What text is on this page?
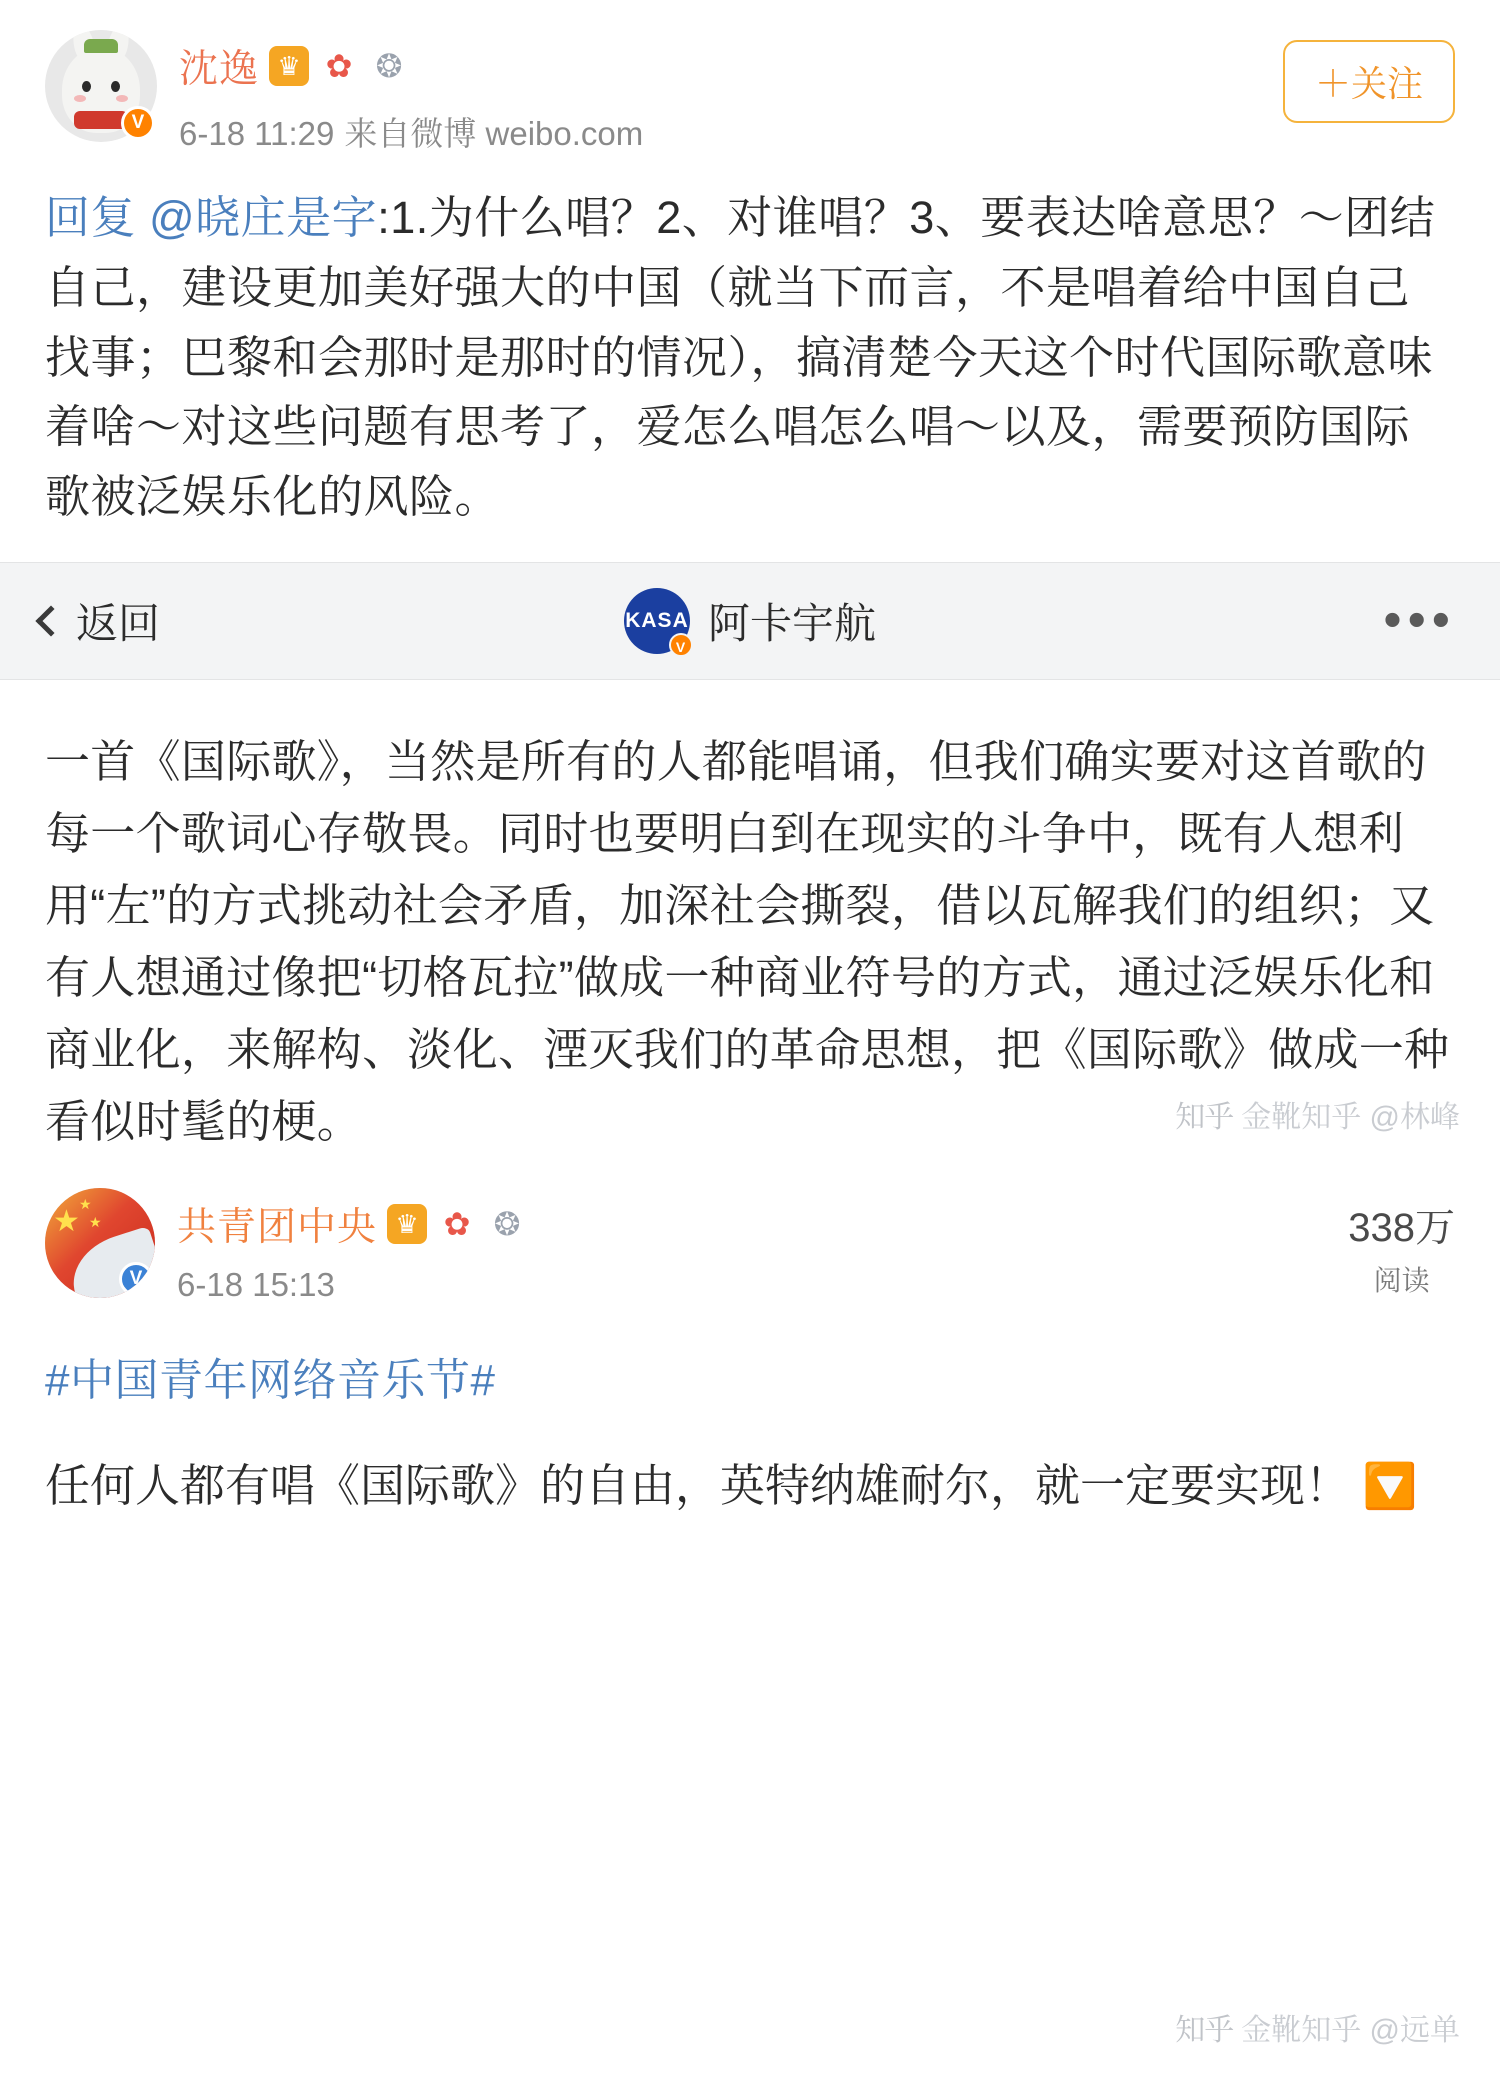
V
沈逸
♛
✿
❂
6-18 11:29 来自微博 weibo.com
＋关注
回复 @晓庄是字:1.为什么唱？2、对谁唱？3、要表达啥意思？～团结自己，建设更加美好强大的中国（就当下而言，不是唱着给中国自己找事；巴黎和会那时是那时的情况），搞清楚今天这个时代国际歌意味着啥～对这些问题有思考了，爱怎么唱怎么唱～以及，需要预防国际歌被泛娱乐化的风险。
返回	KASA
V 阿卡宇航	•••
一首《国际歌》，当然是所有的人都能唱诵，但我们确实要对这首歌的每一个歌词心存敬畏。同时也要明白到在现实的斗争中，既有人想利用“左”的方式挑动社会矛盾，加深社会撕裂，借以瓦解我们的组织；又有人想通过像把“切格瓦拉”做成一种商业符号的方式，通过泛娱乐化和商业化，来解构、淡化、湮灭我们的革命思想，把《国际歌》做成一种看似时髦的梗。	知乎 金靴知乎 @林峰
★
★
★
V
共青团中央
♛
✿
❂
6-18 15:13
338万
阅读
#中国青年网络音乐节#
任何人都有唱《国际歌》的自由，英特纳雄耐尔，就一定要实现！ 🔽
知乎 金靴知乎 @远单
